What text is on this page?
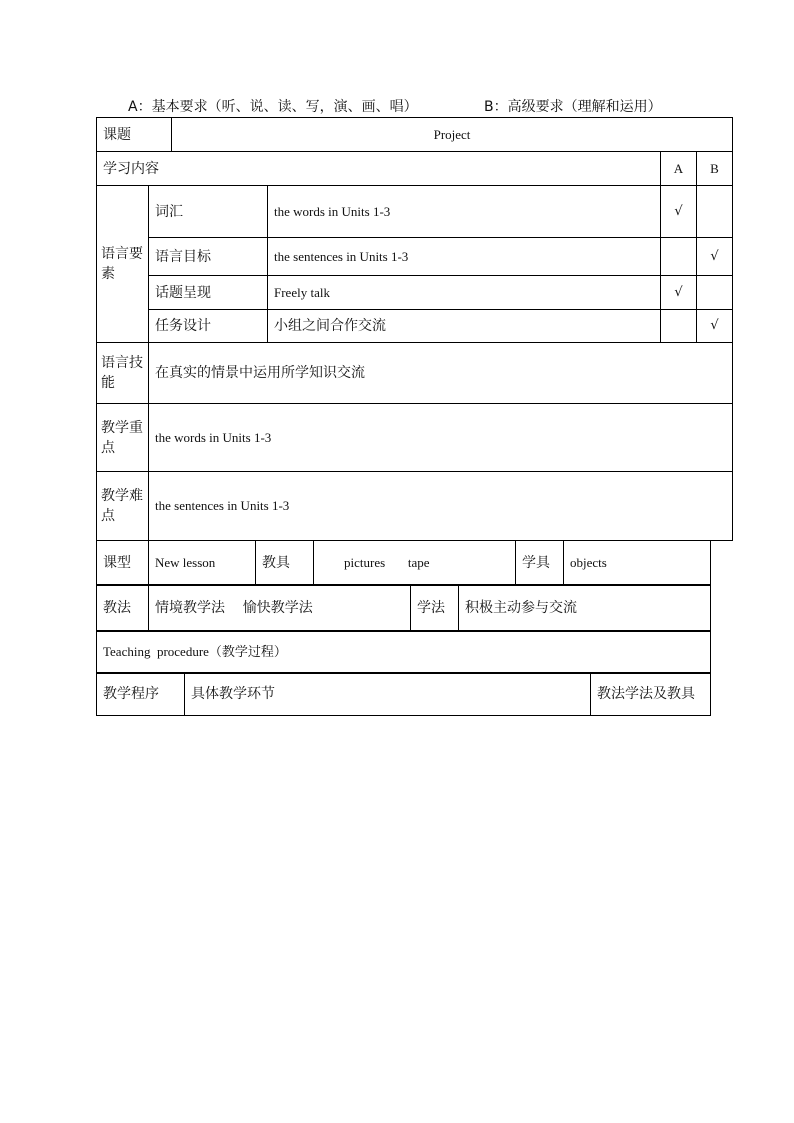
A：基本要求（听、说、读、写，演、画、唱）	B：高级要求（理解和运用）
课题		Project			
学习内容				A	B
语言要素	词汇		the words in Units 1-3	√	
	语言目标		the sentences in Units 1-3		√
	话题呈现		Freely talk	√	
	任务设计		小组之间合作交流		√
语言技能	在真实的情景中运用所学知识交流				
教学重点	the words in Units 1-3				
教学难点	the sentences in Units 1-3				
课型	New lesson	教具	pictures       tape	学具	objects
教法	情境教学法    愉快教学法	学法	积极主动参与交流
Teaching  procedure（教学过程）
教学程序	具体教学环节	教法学法及教具
